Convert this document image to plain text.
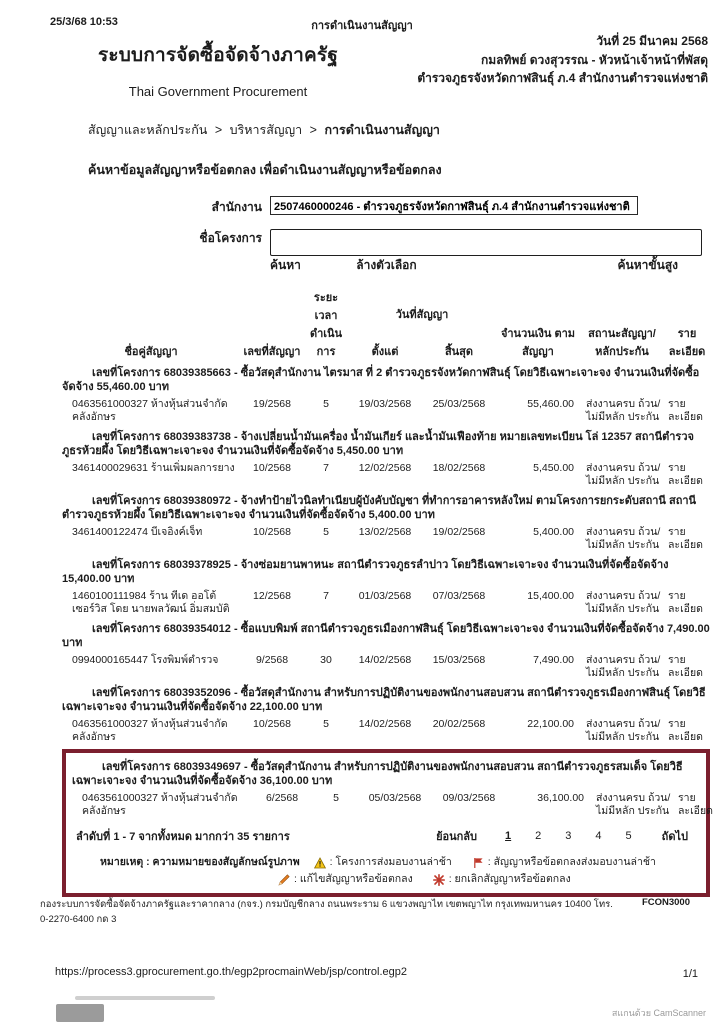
25/3/68 10:53	การดำเนินงานสัญญา
วันที่ 25 มีนาคม 2568
กมลทิพย์ ดวงสุวรรณ - หัวหน้าเจ้าหน้าที่พัสดุ
ตำรวจภูธรจังหวัดกาฬสินธุ์ ภ.4 สำนักงานตำรวจแห่งชาติ
ระบบการจัดซื้อจัดจ้างภาครัฐ
Thai Government Procurement
สัญญาและหลักประกัน > บริหารสัญญา > การดำเนินงานสัญญา
ค้นหาข้อมูลสัญญาหรือข้อตกลง เพื่อดำเนินงานสัญญาหรือข้อตกลง
สำนักงาน
2507460000246 - ตำรวจภูธรจังหวัดกาฬสินธุ์ ภ.4 สำนักงานตำรวจแห่งชาติ
ชื่อโครงการ
ค้นหาขั้นสูง
ค้นหา	ล้างตัวเลือก
ชื่อคู่สัญญา	เลขที่สัญญา
ระยะเวลา ดำเนินการ
วันที่สัญญา
ตั้งแต่	สิ้นสุด
จำนวนเงิน ตามสัญญา
สถานะสัญญา/ หลักประกัน
ราย ละเอียด

เลขที่โครงการ 68039385663 - ซื้อวัสดุสำนักงาน ไตรมาส ที่ 2 ตำรวจภูธรจังหวัดกาฬสินธุ์ โดยวิธีเฉพาะเจาะจง จำนวนเงินที่จัดซื้อจัดจ้าง 55,460.00 บาท

0463561000327 ห้างหุ้นส่วนจำกัด คลังอักษร
19/2568	5	19/03/2568	25/03/2568	55,460.00	ส่งงานครบ ถ้วน/ไม่มีหลัก ประกัน
ราย ละเอียด

เลขที่โครงการ 68039383738 - จ้างเปลี่ยนน้ำมันเครื่อง น้ำมันเกียร์ และน้ำมันเฟืองท้าย หมายเลขทะเบียน โล่ 12357 สถานีตำรวจภูธรห้วยผึ้ง โดยวิธีเฉพาะเจาะจง จำนวนเงินที่จัดซื้อจัดจ้าง 5,450.00 บาท

3461400029631 ร้านเพิ่มผลการยาง	10/2568	7	12/02/2568	18/02/2568	5,450.00	ส่งงานครบ ถ้วน/ไม่มีหลัก ประกัน
ราย ละเอียด

เลขที่โครงการ 68039380972 - จ้างทำป้ายไวนิลทำเนียบผู้บังคับบัญชา ที่ทำการอาคารหลังใหม่ ตามโครงการยกระดับสถานี สถานีตำรวจภูธรห้วยผึ้ง โดยวิธีเฉพาะเจาะจง จำนวนเงินที่จัดซื้อจัดจ้าง 5,400.00 บาท

3461400122474 บีเจอิงค์เจ็ท	10/2568	5	13/02/2568	19/02/2568	5,400.00	ส่งงานครบ ถ้วน/ไม่มีหลัก ประกัน
ราย ละเอียด

เลขที่โครงการ 68039378925 - จ้างซ่อมยานพาหนะ สถานีตำรวจภูธรลำปาว โดยวิธีเฉพาะเจาะจง จำนวนเงินที่จัดซื้อจัดจ้าง 15,400.00 บาท

1460100111984 ร้าน ทีเด ออโต้ เซอร์วิส โดย นายพลวัฒน์ อิ่มสมบัติ
12/2568	7	01/03/2568	07/03/2568	15,400.00	ส่งงานครบ ถ้วน/ไม่มีหลัก ประกัน
ราย ละเอียด

เลขที่โครงการ 68039354012 - ซื้อแบบพิมพ์ สถานีตำรวจภูธรเมืองกาฬสินธุ์ โดยวิธีเฉพาะเจาะจง จำนวนเงินที่จัดซื้อจัดจ้าง 7,490.00 บาท

0994000165447 โรงพิมพ์ตำรวจ	9/2568	30	14/02/2568	15/03/2568	7,490.00	ส่งงานครบ ถ้วน/ไม่มีหลัก ประกัน
ราย ละเอียด

เลขที่โครงการ 68039352096 - ซื้อวัสดุสำนักงาน สำหรับการปฏิบัติงานของพนักงานสอบสวน สถานีตำรวจภูธรเมืองกาฬสินธุ์ โดยวิธีเฉพาะเจาะจง จำนวนเงินที่จัดซื้อจัดจ้าง 22,100.00 บาท

0463561000327 ห้างหุ้นส่วนจำกัด คลังอักษร
10/2568	5	14/02/2568	20/02/2568	22,100.00	ส่งงานครบ ถ้วน/ไม่มีหลัก ประกัน
ราย ละเอียด

เลขที่โครงการ 68039349697 - ซื้อวัสดุสำนักงาน สำหรับการปฏิบัติงานของพนักงานสอบสวน สถานีตำรวจภูธรสมเด็จ โดยวิธีเฉพาะเจาะจง จำนวนเงินที่จัดซื้อจัดจ้าง 36,100.00 บาท

0463561000327 ห้างหุ้นส่วนจำกัด คลังอักษร
6/2568	5	05/03/2568	09/03/2568	36,100.00	ส่งงานครบ ถ้วน/ไม่มีหลัก ประกัน
ราย ละเอียด
ลำดับที่ 1 - 7 จากทั้งหมด มากกว่า 35 รายการ	ย้อนกลับ	1 2 3 4 5	ถัดไป
หมายเหตุ : ความหมายของสัญลักษณ์รูปภาพ	: โครงการส่งมอบงานล่าช้า	: สัญญาหรือข้อตกลงส่งมอบงานล่าช้า
: แก้ไขสัญญาหรือข้อตกลง	: ยกเลิกสัญญาหรือข้อตกลง
กองระบบการจัดซื้อจัดจ้างภาครัฐและราคากลาง (กจร.) กรมบัญชีกลาง ถนนพระราม 6 แขวงพญาไท เขตพญาไท กรุงเทพมหานคร 10400 โทร. 0-2270-6400 กด 3
FCON3000
https://process3.gprocurement.go.th/egp2procmainWeb/jsp/control.egp2	1/1
สแกนด้วย CamScanner
